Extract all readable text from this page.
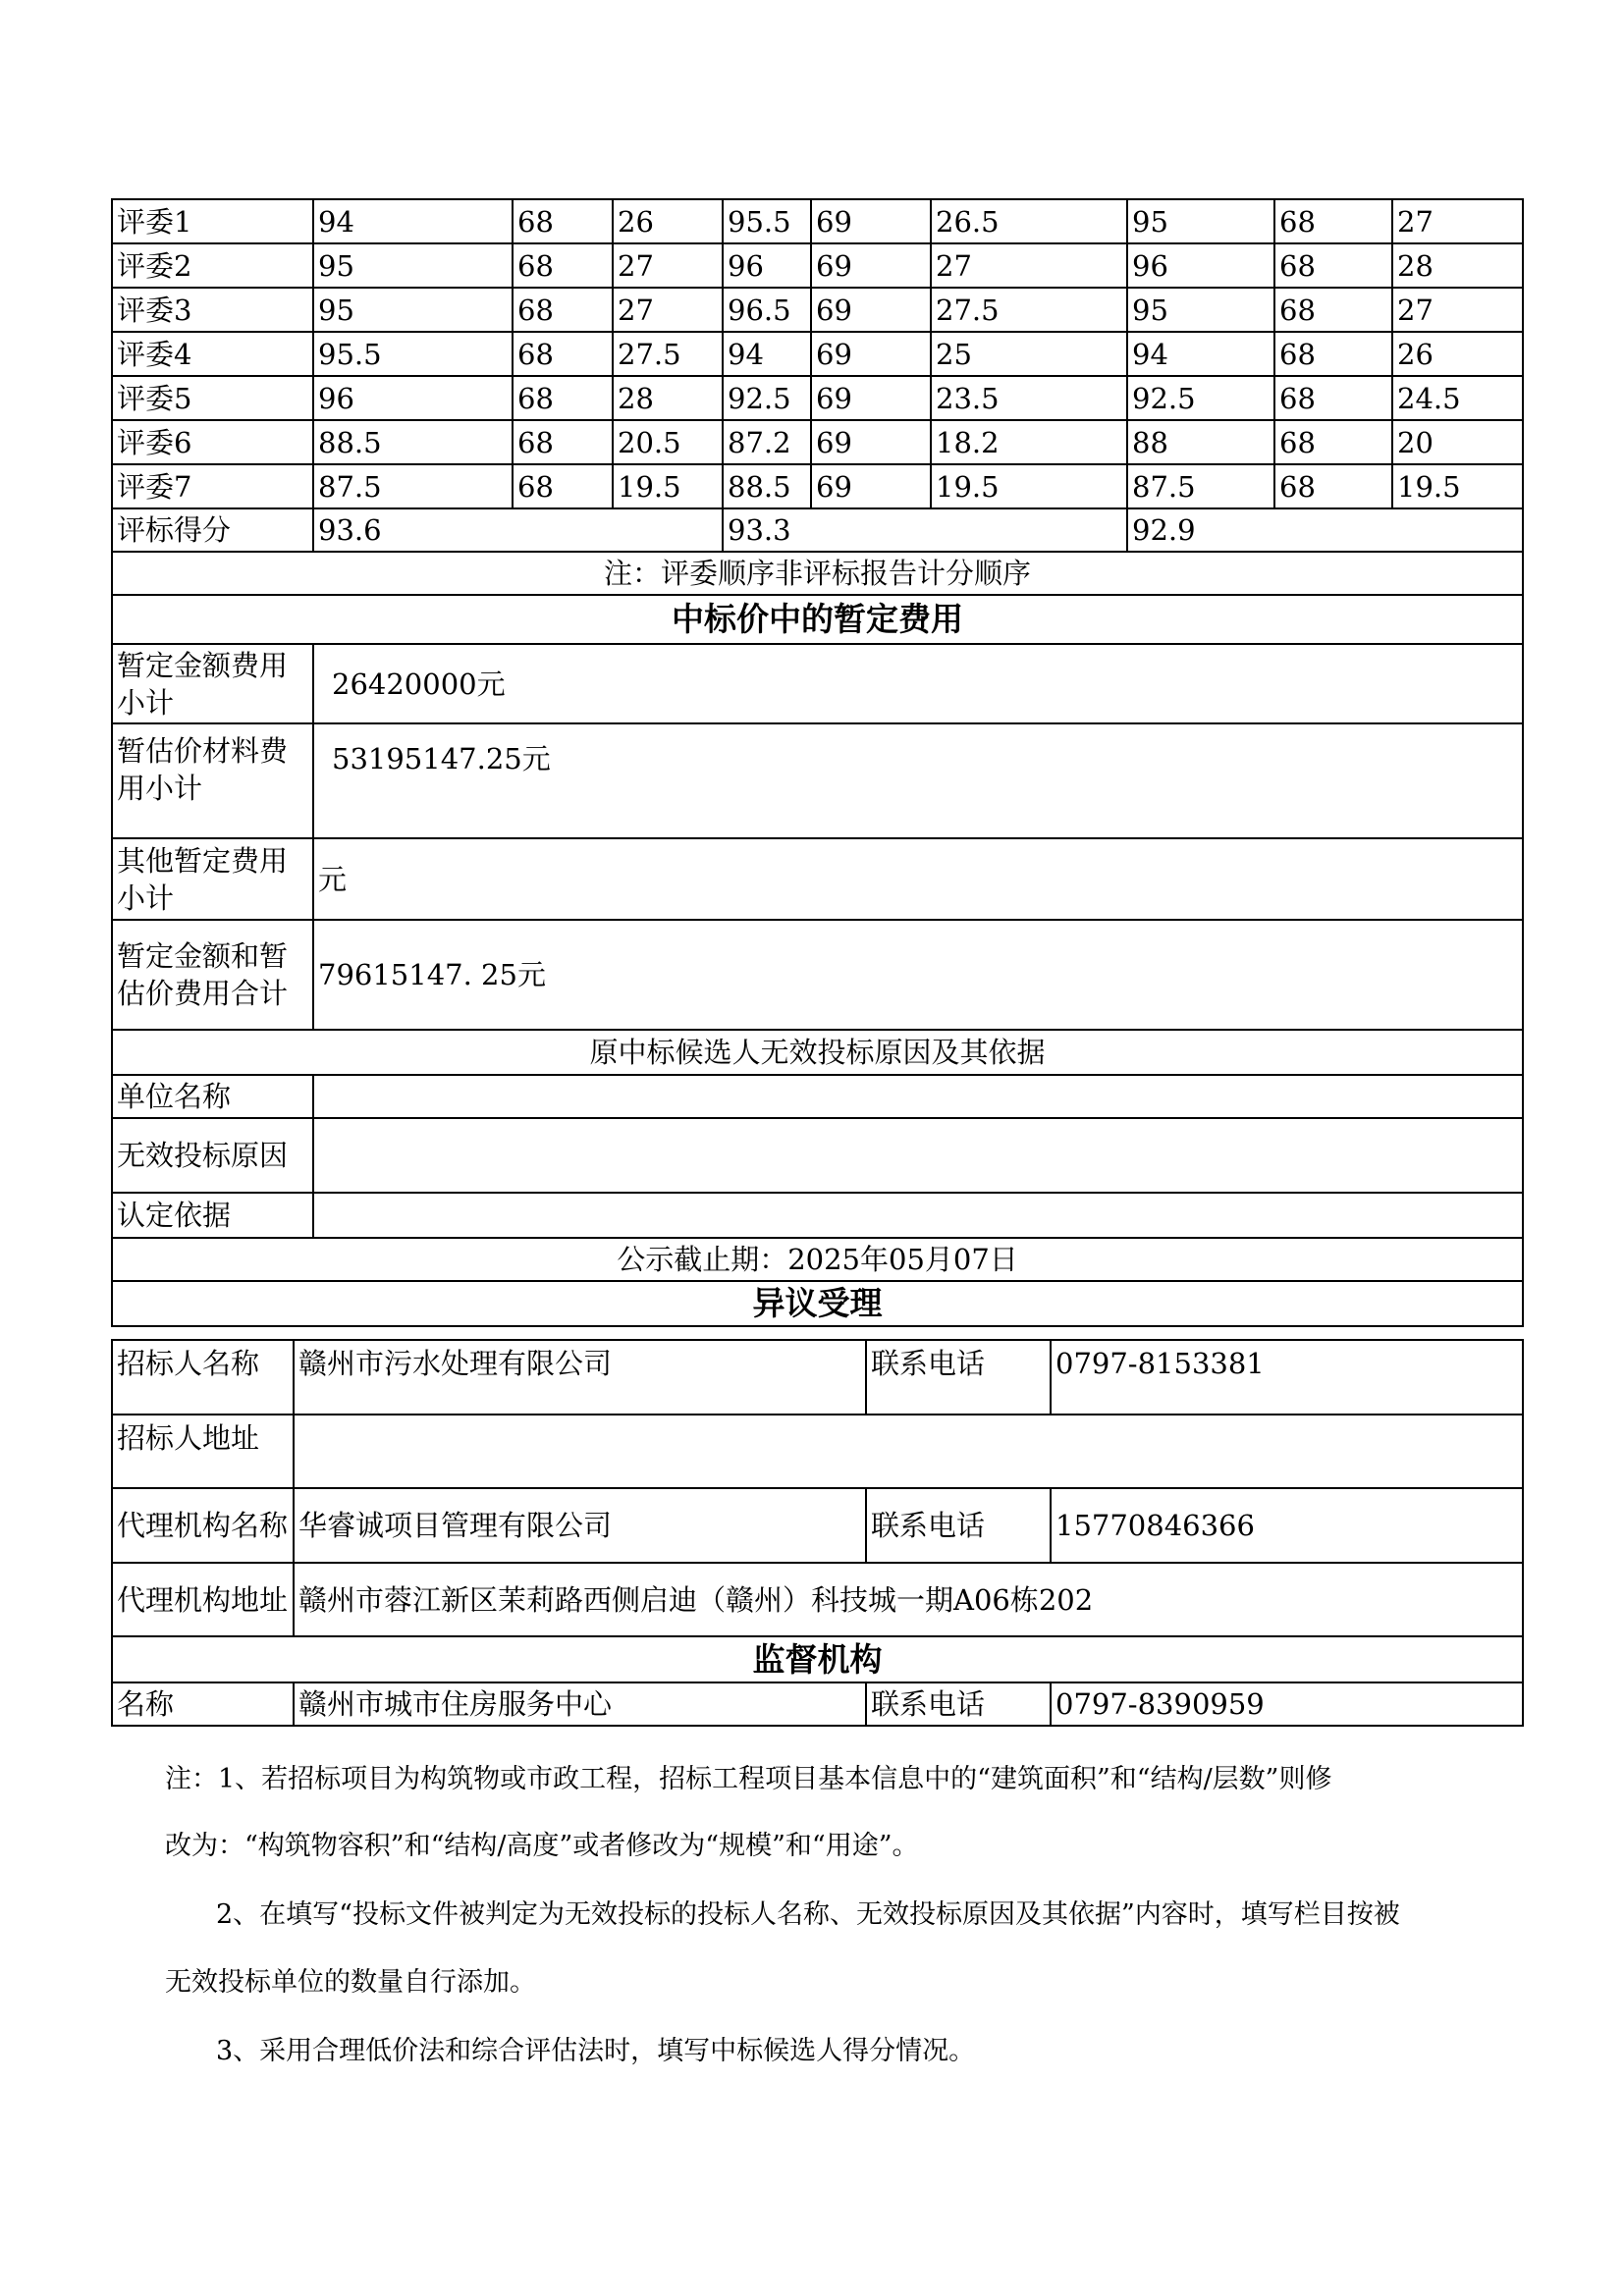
评委1	94	68	26	95.5	69	26.5	95	68	27
评委2	95	68	27	96	69	27	96	68	28
评委3	95	68	27	96.5	69	27.5	95	68	27
评委4	95.5	68	27.5	94	69	25	94	68	26
评委5	96	68	28	92.5	69	23.5	92.5	68	24.5
评委6	88.5	68	20.5	87.2	69	18.2	88	68	20
评委7	87.5	68	19.5	88.5	69	19.5	87.5	68	19.5
评标得分	93.6			93.3			92.9		
注：评委顺序非评标报告计分顺序									
中标价中的暂定费用									
暂定金额费用小计	26420000元								
暂估价材料费用小计	53195147.25元								
其他暂定费用小计	元								
暂定金额和暂估价费用合计	79615147. 25元								
原中标候选人无效投标原因及其依据									
单位名称									
无效投标原因									
认定依据									
公示截止期：2025年05月07日									
异议受理									
招标人名称	赣州市污水处理有限公司	联系电话	0797-8153381
招标人地址			
代理机构名称	华睿诚项目管理有限公司	联系电话	15770846366
代理机构地址	赣州市蓉江新区茉莉路西侧启迪（赣州）科技城一期A06栋202		
监督机构			
名称	赣州市城市住房服务中心	联系电话	0797-8390959
注：1、若招标项目为构筑物或市政工程，招标工程项目基本信息中的“建筑面积”和“结构/层数”则修
改为：“构筑物容积”和“结构/高度”或者修改为“规模”和“用途”。
2、在填写“投标文件被判定为无效投标的投标人名称、无效投标原因及其依据”内容时，填写栏目按被
无效投标单位的数量自行添加。
3、采用合理低价法和综合评估法时，填写中标候选人得分情况。
